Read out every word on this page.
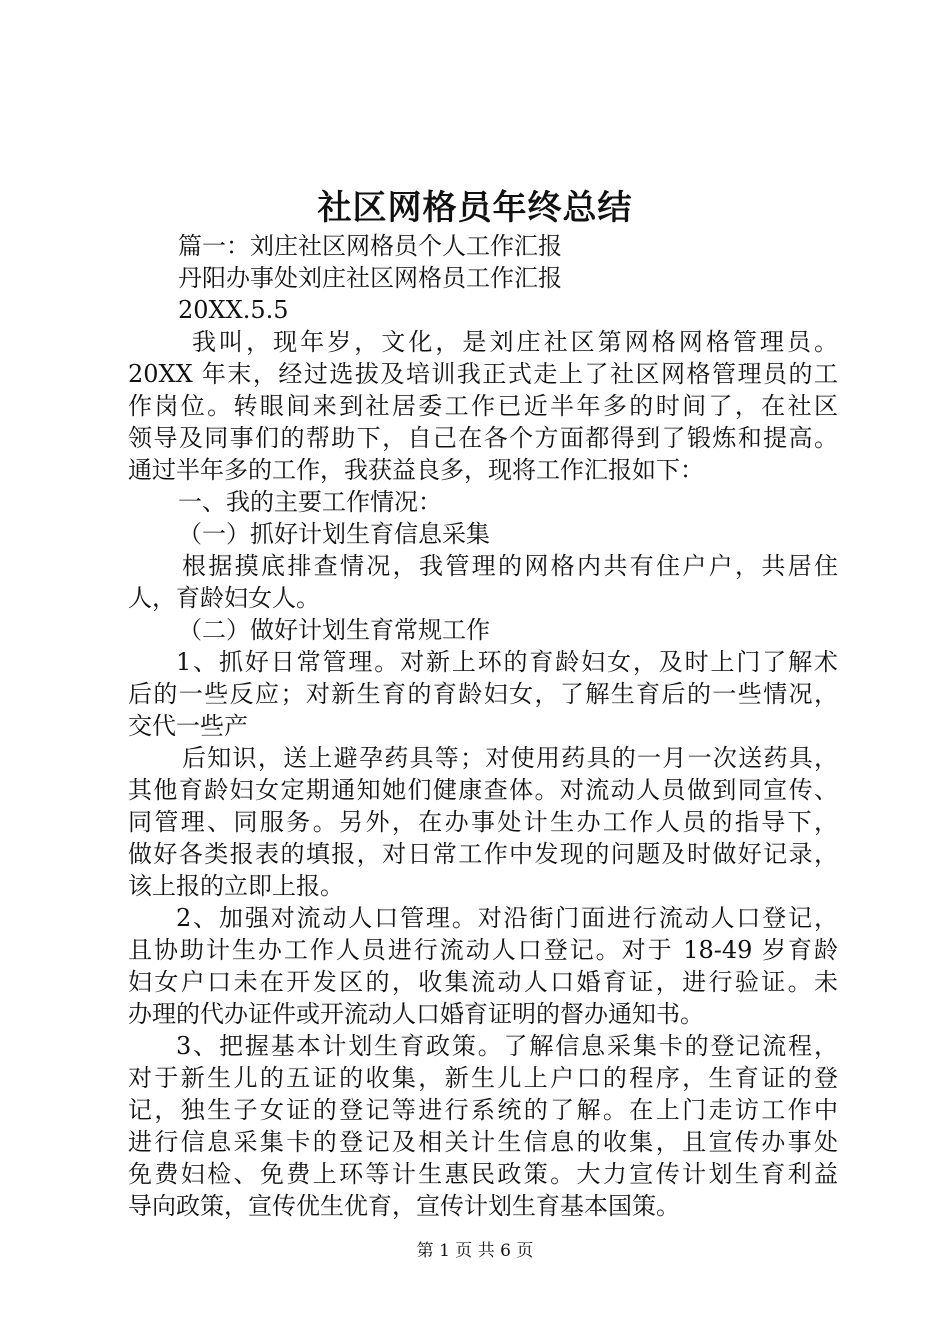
社区网格员年终总结
篇一：刘庄社区网格员个人工作汇报
丹阳办事处刘庄社区网格员工作汇报
20XX.5.5
我叫，现年岁，文化，是刘庄社区第网格网格管理员。
20XX 年末，经过选拔及培训我正式走上了社区网格管理员的工
作岗位。转眼间来到社居委工作已近半年多的时间了，在社区
领导及同事们的帮助下，自己在各个方面都得到了锻炼和提高。
通过半年多的工作，我获益良多，现将工作汇报如下：
一、我的主要工作情况：
（一）抓好计划生育信息采集
根据摸底排查情况，我管理的网格内共有住户户，共居住
人，育龄妇女人。
（二）做好计划生育常规工作
1、抓好日常管理。对新上环的育龄妇女，及时上门了解术
后的一些反应；对新生育的育龄妇女，了解生育后的一些情况，
交代一些产
后知识，送上避孕药具等；对使用药具的一月一次送药具，
其他育龄妇女定期通知她们健康查体。对流动人员做到同宣传、
同管理、同服务。另外，在办事处计生办工作人员的指导下，
做好各类报表的填报，对日常工作中发现的问题及时做好记录，
该上报的立即上报。
2、加强对流动人口管理。对沿街门面进行流动人口登记，
且协助计生办工作人员进行流动人口登记。对于 18-49 岁育龄
妇女户口未在开发区的，收集流动人口婚育证，进行验证。未
办理的代办证件或开流动人口婚育证明的督办通知书。
3、把握基本计划生育政策。了解信息采集卡的登记流程，
对于新生儿的五证的收集，新生儿上户口的程序，生育证的登
记，独生子女证的登记等进行系统的了解。在上门走访工作中
进行信息采集卡的登记及相关计生信息的收集，且宣传办事处
免费妇检、免费上环等计生惠民政策。大力宣传计划生育利益
导向政策，宣传优生优育，宣传计划生育基本国策。
第 1 页 共 6 页
